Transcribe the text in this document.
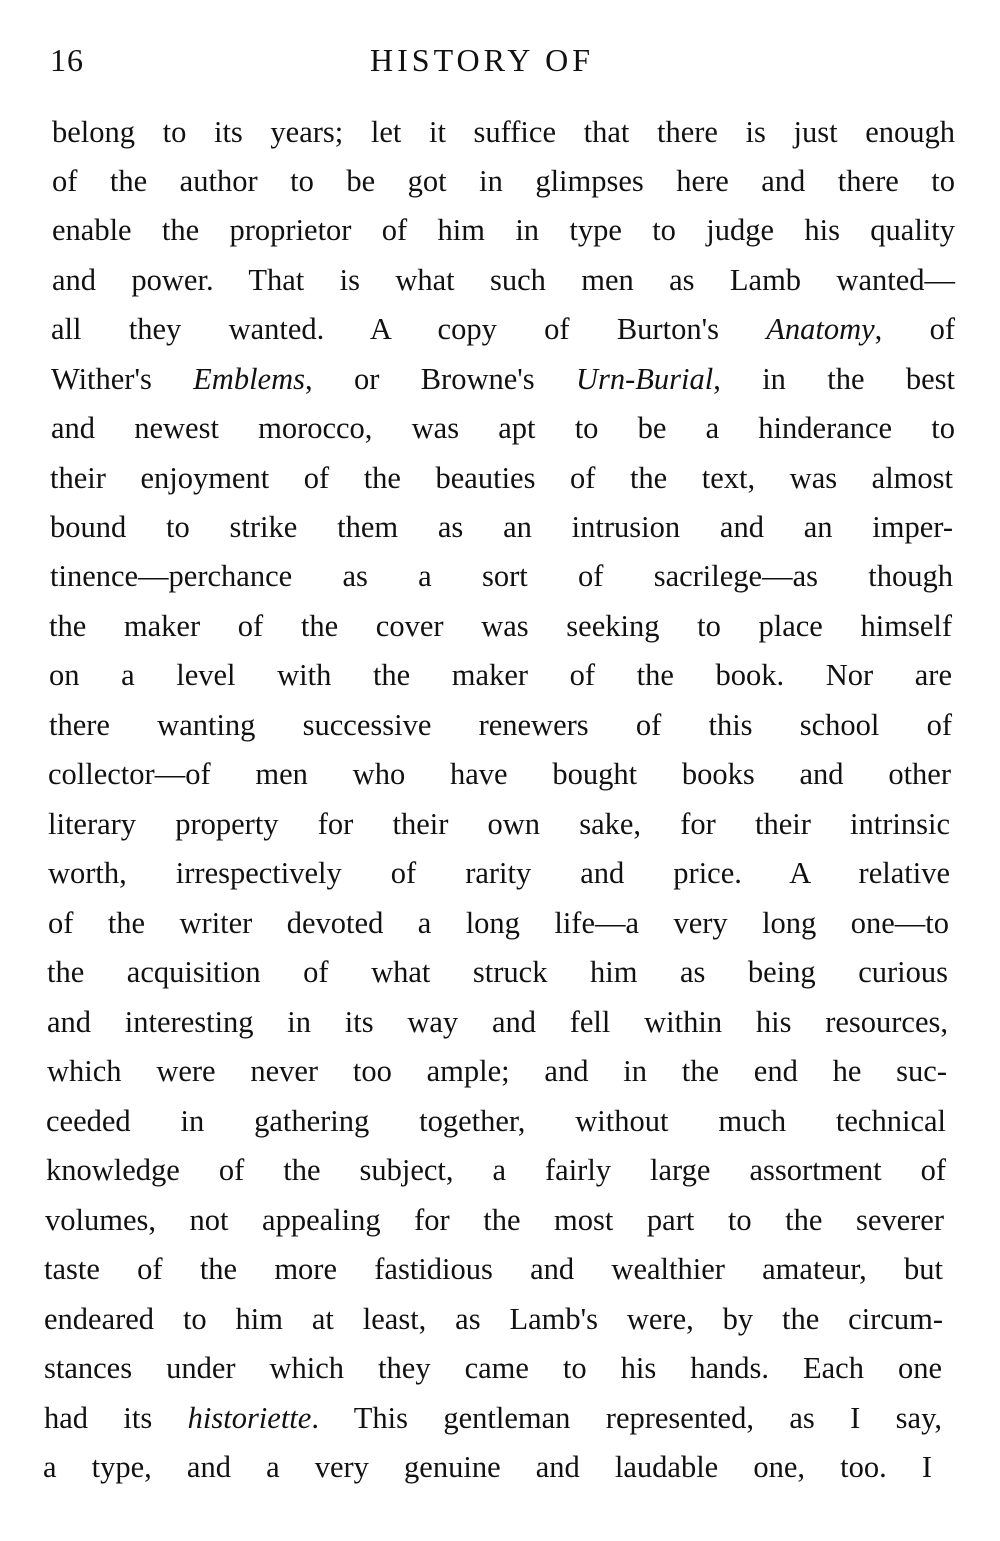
16	HISTORY OF
belong to its years; let it suffice that there is just enough
of the author to be got in glimpses here and there to
enable the proprietor of him in type to judge his quality
and power. That is what such men as Lamb wanted—
all they wanted. A copy of Burton's Anatomy, of
Wither's Emblems, or Browne's Urn-Burial, in the best
and newest morocco, was apt to be a hinderance to
their enjoyment of the beauties of the text, was almost
bound to strike them as an intrusion and an imper-
tinence—perchance as a sort of sacrilege—as though
the maker of the cover was seeking to place himself
on a level with the maker of the book. Nor are
there wanting successive renewers of this school of
collector—of men who have bought books and other
literary property for their own sake, for their intrinsic
worth, irrespectively of rarity and price. A relative
of the writer devoted a long life—a very long one—to
the acquisition of what struck him as being curious
and interesting in its way and fell within his resources,
which were never too ample; and in the end he suc-
ceeded in gathering together, without much technical
knowledge of the subject, a fairly large assortment of
volumes, not appealing for the most part to the severer
taste of the more fastidious and wealthier amateur, but
endeared to him at least, as Lamb's were, by the circum-
stances under which they came to his hands. Each one
had its historiette. This gentleman represented, as I say,
a type, and a very genuine and laudable one, too. I
